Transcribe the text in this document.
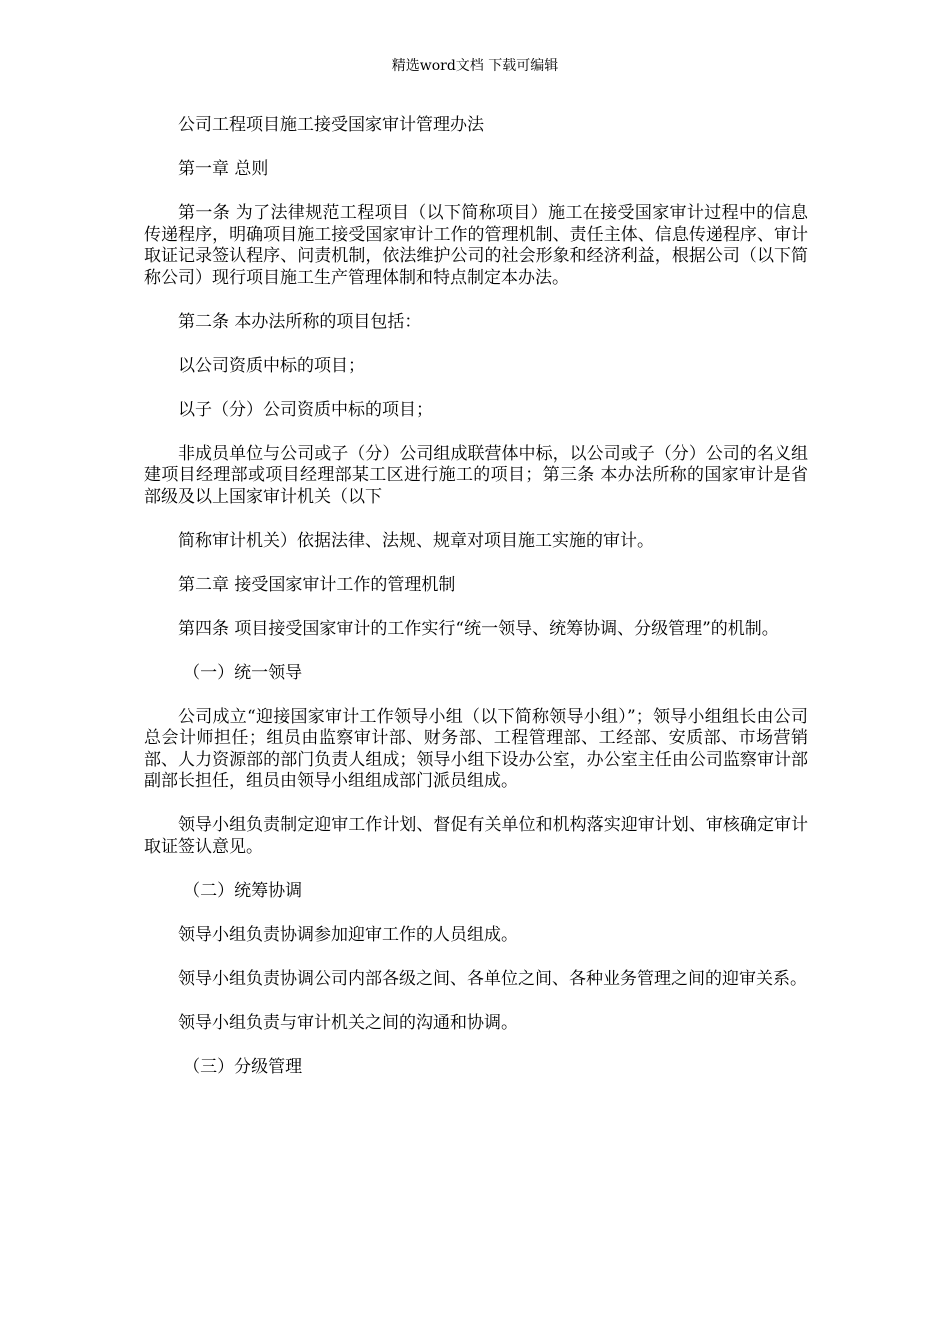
精选word文档 下载可编辑

公司工程项目施工接受国家审计管理办法

第一章 总则

第一条 为了法律规范工程项目（以下简称项目）施工在接受国家审计过程中的信息传递程序，明确项目施工接受国家审计工作的管理机制、责任主体、信息传递程序、审计取证记录签认程序、问责机制，依法维护公司的社会形象和经济利益，根据公司（以下简称公司）现行项目施工生产管理体制和特点制定本办法。

第二条 本办法所称的项目包括：

以公司资质中标的项目；

以子（分）公司资质中标的项目；

非成员单位与公司或子（分）公司组成联营体中标，以公司或子（分）公司的名义组建项目经理部或项目经理部某工区进行施工的项目；第三条 本办法所称的国家审计是省部级及以上国家审计机关（以下

简称审计机关）依据法律、法规、规章对项目施工实施的审计。

第二章 接受国家审计工作的管理机制

第四条 项目接受国家审计的工作实行“统一领导、统筹协调、分级管理”的机制。

（一）统一领导

公司成立“迎接国家审计工作领导小组（以下简称领导小组）”；领导小组组长由公司总会计师担任；组员由监察审计部、财务部、工程管理部、工经部、安质部、市场营销部、人力资源部的部门负责人组成；领导小组下设办公室，办公室主任由公司监察审计部副部长担任，组员由领导小组组成部门派员组成。

领导小组负责制定迎审工作计划、督促有关单位和机构落实迎审计划、审核确定审计取证签认意见。

（二）统筹协调

领导小组负责协调参加迎审工作的人员组成。

领导小组负责协调公司内部各级之间、各单位之间、各种业务管理之间的迎审关系。

领导小组负责与审计机关之间的沟通和协调。

（三）分级管理
